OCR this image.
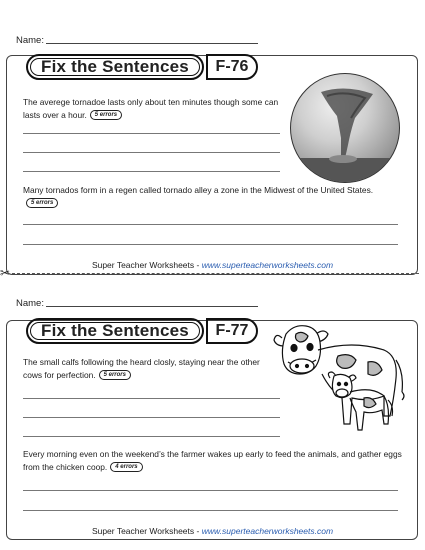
Name:
Fix the Sentences	F-76
The averege tornadoe lasts only about ten minutes though some can lasts over a hour. 5 errors
Many tornados form in a regen called tornado alley a zone in the Midwest of the United States.5 errors
Super Teacher Worksheets - www.superteacherworksheets.com
✂
Name:
Fix the Sentences	F-77
The small calfs following the heard closly, staying near the other cows for perfection. 5 errors
Every morning even on the weekend’s the farmer wakes up early to feed the animals, and gather eggs from the chicken coop. 4 errors
Super Teacher Worksheets - www.superteacherworksheets.com
